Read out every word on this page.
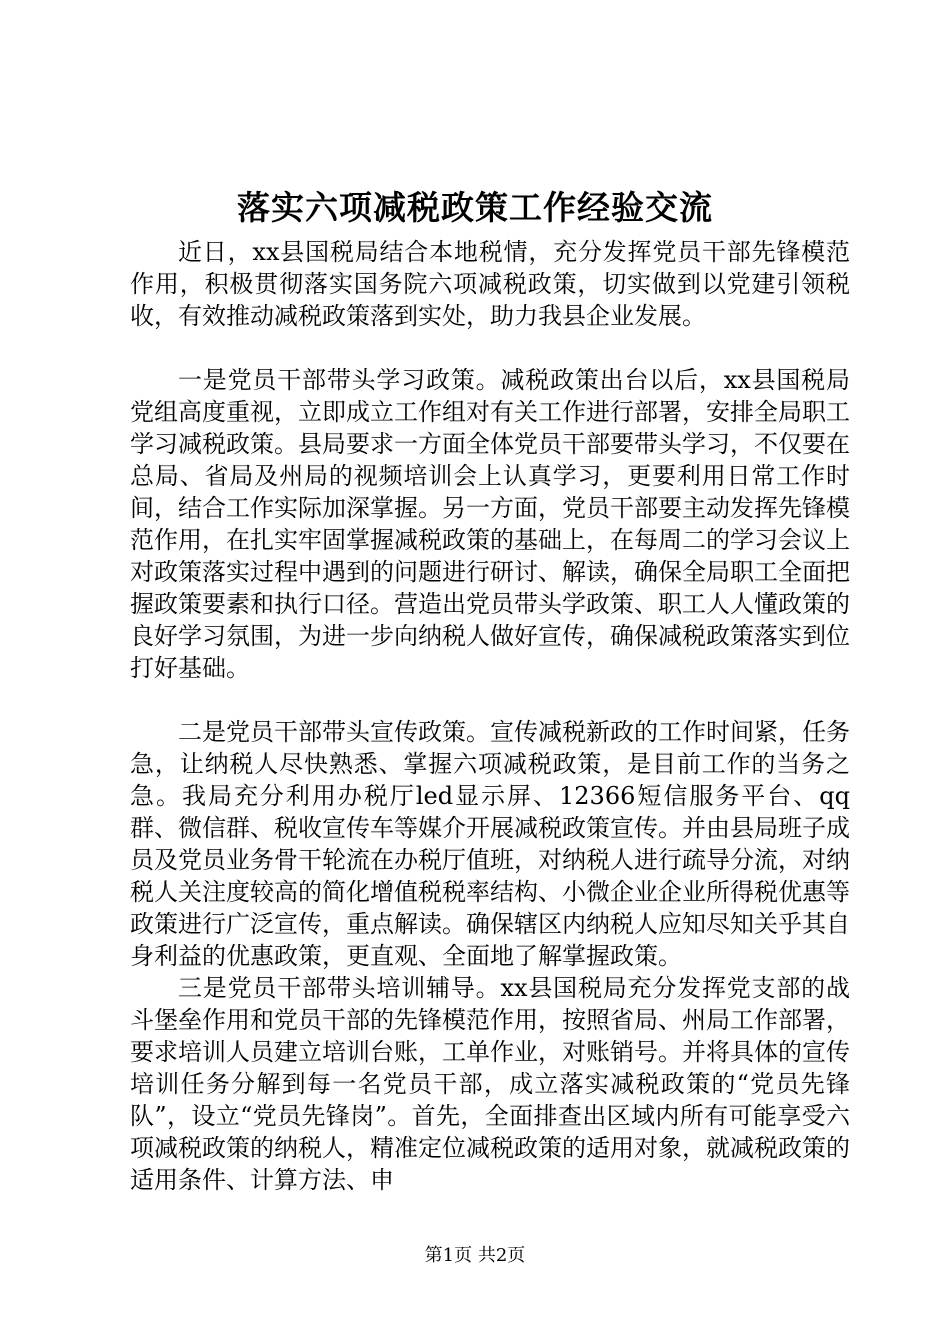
落实六项减税政策工作经验交流

近日，xx县国税局结合本地税情，充分发挥党员干部先锋模范作用，积极贯彻落实国务院六项减税政策，切实做到以党建引领税收，有效推动减税政策落到实处，助力我县企业发展。

一是党员干部带头学习政策。减税政策出台以后，xx县国税局党组高度重视，立即成立工作组对有关工作进行部署，安排全局职工学习减税政策。县局要求一方面全体党员干部要带头学习，不仅要在总局、省局及州局的视频培训会上认真学习，更要利用日常工作时间，结合工作实际加深掌握。另一方面，党员干部要主动发挥先锋模范作用，在扎实牢固掌握减税政策的基础上，在每周二的学习会议上对政策落实过程中遇到的问题进行研讨、解读，确保全局职工全面把握政策要素和执行口径。营造出党员带头学政策、职工人人懂政策的良好学习氛围，为进一步向纳税人做好宣传，确保减税政策落实到位打好基础。

二是党员干部带头宣传政策。宣传减税新政的工作时间紧，任务急，让纳税人尽快熟悉、掌握六项减税政策，是目前工作的当务之急。我局充分利用办税厅led显示屏、12366短信服务平台、qq群、微信群、税收宣传车等媒介开展减税政策宣传。并由县局班子成员及党员业务骨干轮流在办税厅值班，对纳税人进行疏导分流，对纳税人关注度较高的简化增值税税率结构、小微企业企业所得税优惠等政策进行广泛宣传，重点解读。确保辖区内纳税人应知尽知关乎其自身利益的优惠政策，更直观、全面地了解掌握政策。

三是党员干部带头培训辅导。xx县国税局充分发挥党支部的战斗堡垒作用和党员干部的先锋模范作用，按照省局、州局工作部署，要求培训人员建立培训台账，工单作业，对账销号。并将具体的宣传培训任务分解到每一名党员干部，成立落实减税政策的“党员先锋队”，设立“党员先锋岗”。首先，全面排查出区域内所有可能享受六项减税政策的纳税人，精准定位减税政策的适用对象，就减税政策的适用条件、计算方法、申

第1页 共2页
